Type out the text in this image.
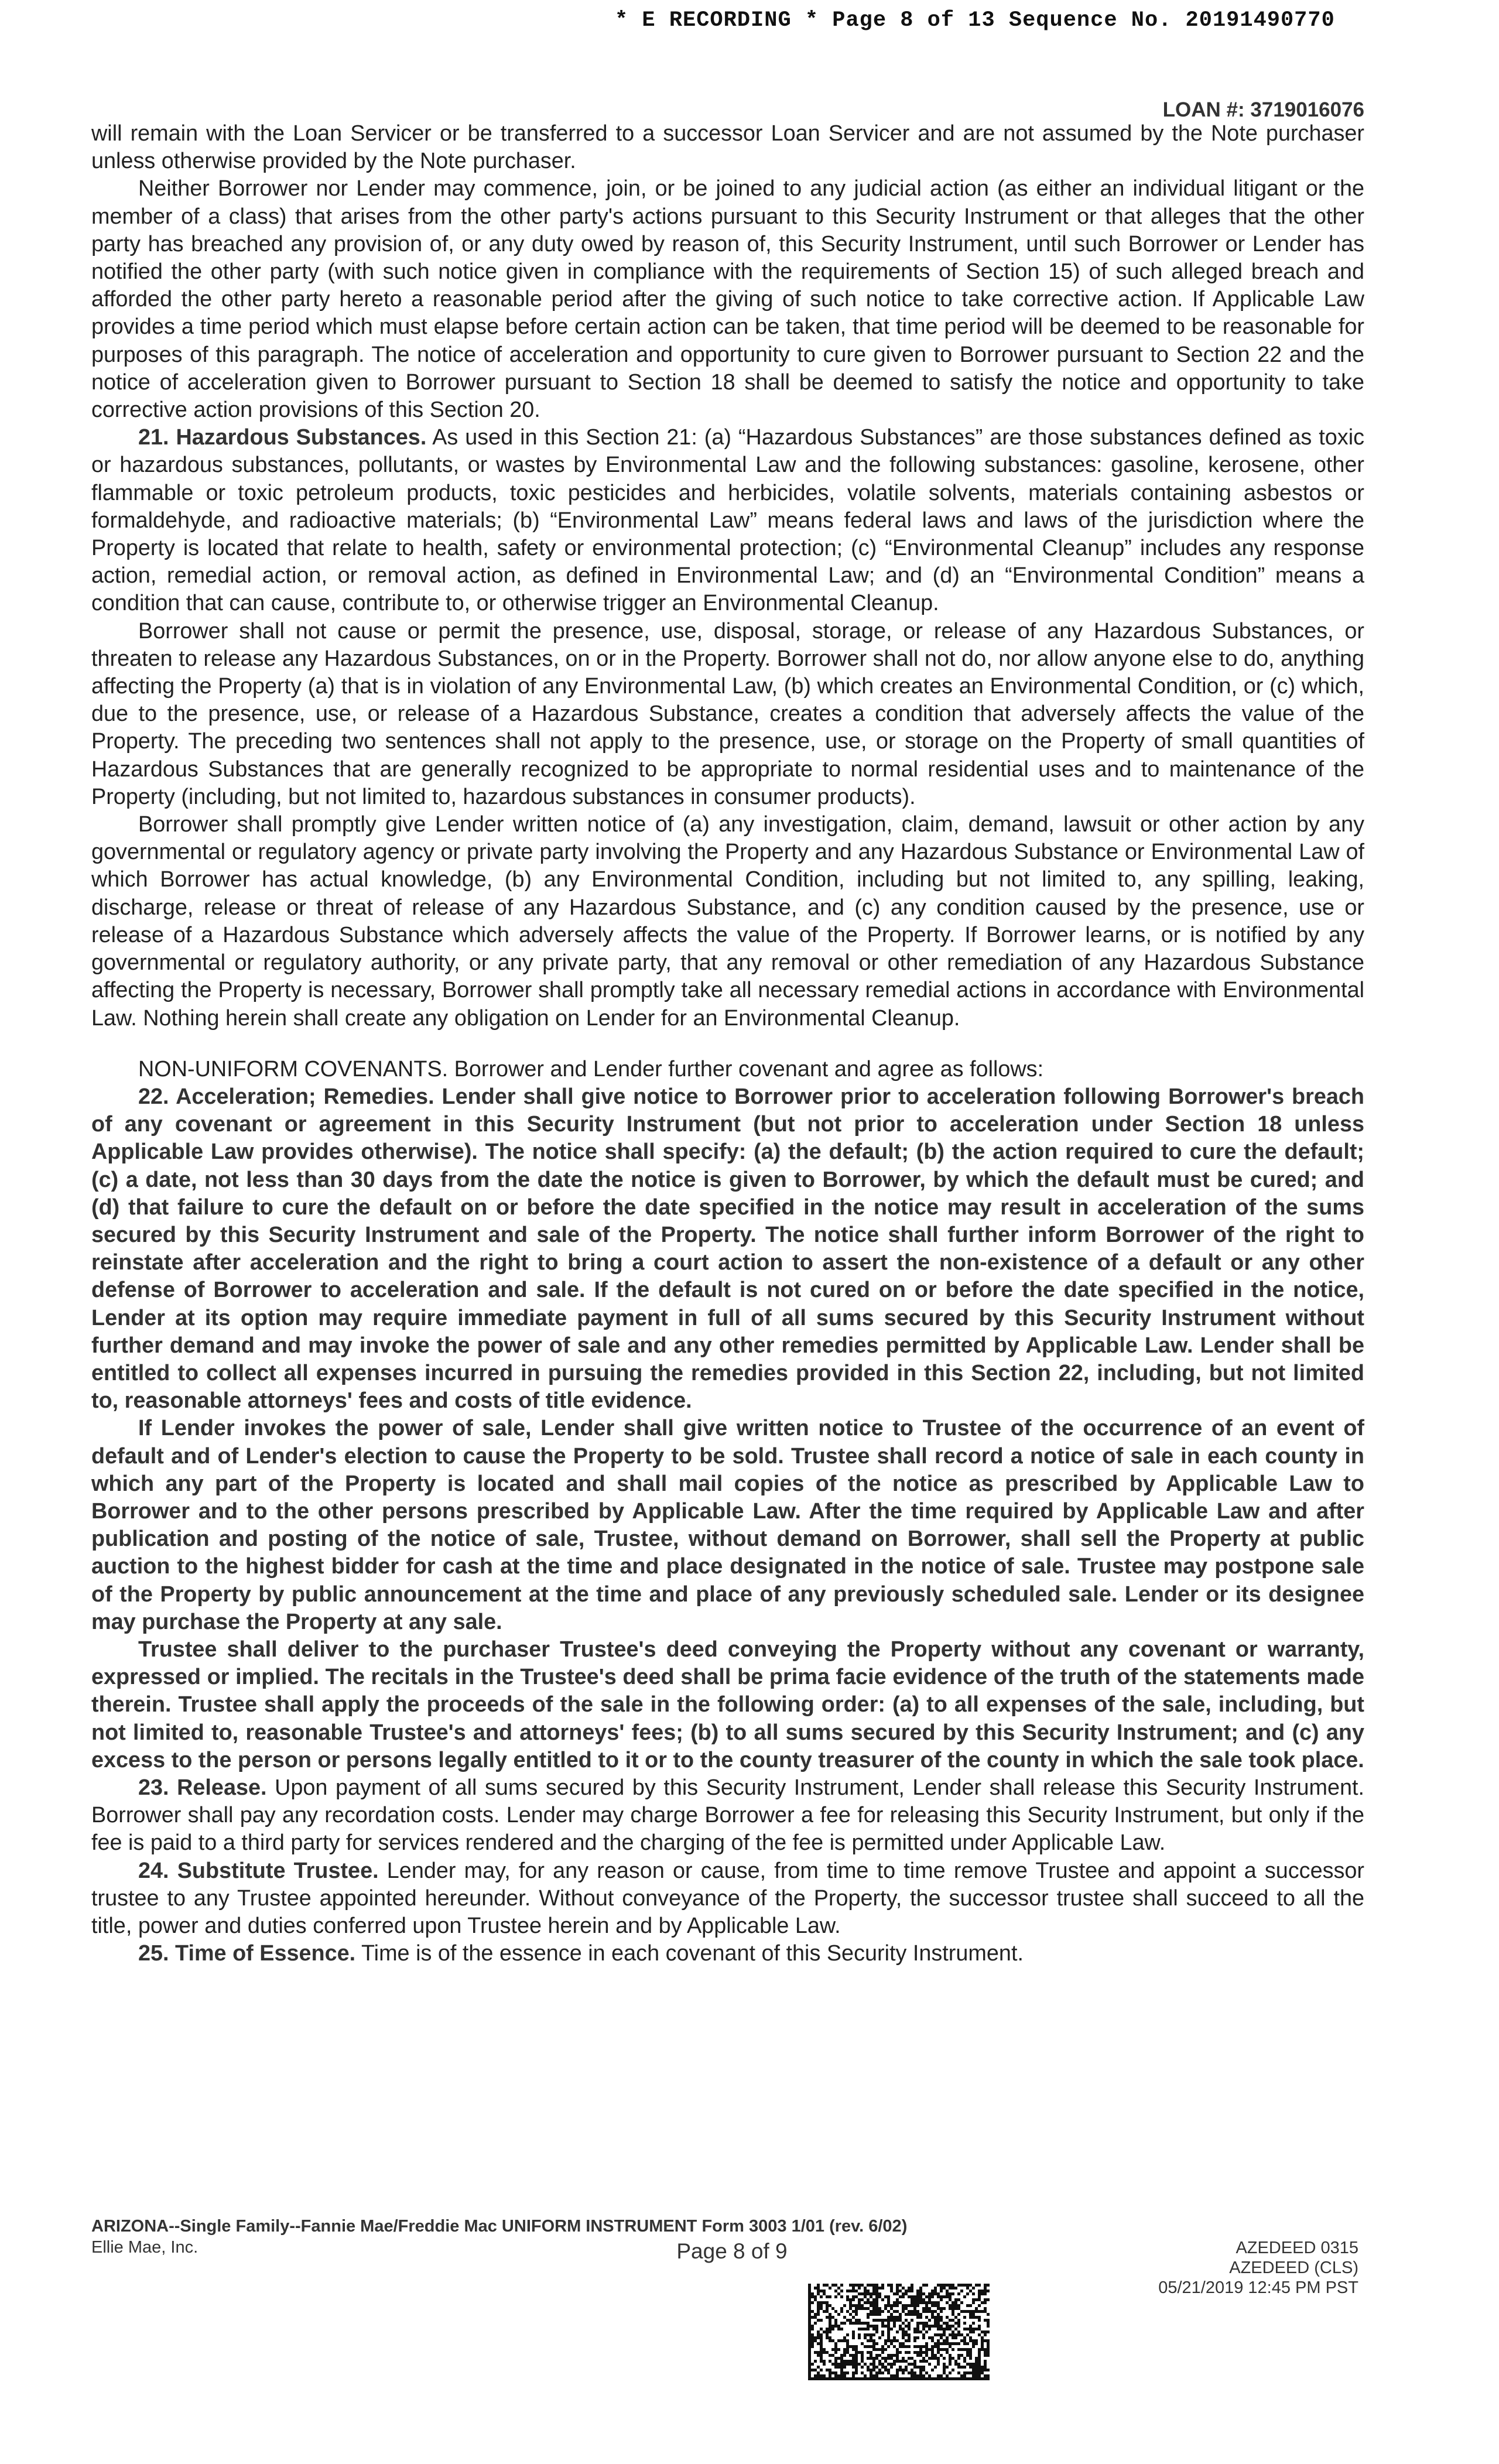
* E RECORDING * Page 8 of 13 Sequence No. 20191490770
LOAN #: 3719016076

will remain with the Loan Servicer or be transferred to a successor Loan Servicer and are not assumed by the Note purchaser unless otherwise provided by the Note purchaser.

Neither Borrower nor Lender may commence, join, or be joined to any judicial action (as either an individual litigant or the member of a class) that arises from the other party's actions pursuant to this Security Instrument or that alleges that the other party has breached any provision of, or any duty owed by reason of, this Security Instrument, until such Borrower or Lender has notified the other party (with such notice given in compliance with the requirements of Section 15) of such alleged breach and afforded the other party hereto a reasonable period after the giving of such notice to take corrective action. If Applicable Law provides a time period which must elapse before certain action can be taken, that time period will be deemed to be reasonable for purposes of this paragraph. The notice of acceleration and opportunity to cure given to Borrower pursuant to Section 22 and the notice of acceleration given to Borrower pursuant to Section 18 shall be deemed to satisfy the notice and opportunity to take corrective action provisions of this Section 20.

21. Hazardous Substances. As used in this Section 21: (a) “Hazardous Substances” are those substances defined as toxic or hazardous substances, pollutants, or wastes by Environmental Law and the following substances: gasoline, kerosene, other flammable or toxic petroleum products, toxic pesticides and herbicides, volatile solvents, materials containing asbestos or formaldehyde, and radioactive materials; (b) “Environmental Law” means federal laws and laws of the jurisdiction where the Property is located that relate to health, safety or environmental protection; (c) “Environmental Cleanup” includes any response action, remedial action, or removal action, as defined in Environmental Law; and (d) an “Environmental Condition” means a condition that can cause, contribute to, or otherwise trigger an Environmental Cleanup.

Borrower shall not cause or permit the presence, use, disposal, storage, or release of any Hazardous Substances, or threaten to release any Hazardous Substances, on or in the Property. Borrower shall not do, nor allow anyone else to do, anything affecting the Property (a) that is in violation of any Environmental Law, (b) which creates an Environmental Condition, or (c) which, due to the presence, use, or release of a Hazardous Substance, creates a condition that adversely affects the value of the Property. The preceding two sentences shall not apply to the presence, use, or storage on the Property of small quantities of Hazardous Substances that are generally recognized to be appropriate to normal residential uses and to maintenance of the Property (including, but not limited to, hazardous substances in consumer products).

Borrower shall promptly give Lender written notice of (a) any investigation, claim, demand, lawsuit or other action by any governmental or regulatory agency or private party involving the Property and any Hazardous Substance or Environmental Law of which Borrower has actual knowledge, (b) any Environmental Condition, including but not limited to, any spilling, leaking, discharge, release or threat of release of any Hazardous Substance, and (c) any condition caused by the presence, use or release of a Hazardous Substance which adversely affects the value of the Property. If Borrower learns, or is notified by any governmental or regulatory authority, or any private party, that any removal or other remediation of any Hazardous Substance affecting the Property is necessary, Borrower shall promptly take all necessary remedial actions in accordance with Environmental Law. Nothing herein shall create any obligation on Lender for an Environmental Cleanup.

NON-UNIFORM COVENANTS. Borrower and Lender further covenant and agree as follows:

22. Acceleration; Remedies. Lender shall give notice to Borrower prior to acceleration following Borrower's breach of any covenant or agreement in this Security Instrument (but not prior to acceleration under Section 18 unless Applicable Law provides otherwise). The notice shall specify: (a) the default; (b) the action required to cure the default; (c) a date, not less than 30 days from the date the notice is given to Borrower, by which the default must be cured; and (d) that failure to cure the default on or before the date specified in the notice may result in acceleration of the sums secured by this Security Instrument and sale of the Property. The notice shall further inform Borrower of the right to reinstate after acceleration and the right to bring a court action to assert the non-existence of a default or any other defense of Borrower to acceleration and sale. If the default is not cured on or before the date specified in the notice, Lender at its option may require immediate payment in full of all sums secured by this Security Instrument without further demand and may invoke the power of sale and any other remedies permitted by Applicable Law. Lender shall be entitled to collect all expenses incurred in pursuing the remedies provided in this Section 22, including, but not limited to, reasonable attorneys' fees and costs of title evidence.

If Lender invokes the power of sale, Lender shall give written notice to Trustee of the occurrence of an event of default and of Lender's election to cause the Property to be sold. Trustee shall record a notice of sale in each county in which any part of the Property is located and shall mail copies of the notice as prescribed by Applicable Law to Borrower and to the other persons prescribed by Applicable Law. After the time required by Applicable Law and after publication and posting of the notice of sale, Trustee, without demand on Borrower, shall sell the Property at public auction to the highest bidder for cash at the time and place designated in the notice of sale. Trustee may postpone sale of the Property by public announcement at the time and place of any previously scheduled sale. Lender or its designee may purchase the Property at any sale.

Trustee shall deliver to the purchaser Trustee's deed conveying the Property without any covenant or warranty, expressed or implied. The recitals in the Trustee's deed shall be prima facie evidence of the truth of the statements made therein. Trustee shall apply the proceeds of the sale in the following order: (a) to all expenses of the sale, including, but not limited to, reasonable Trustee's and attorneys' fees; (b) to all sums secured by this Security Instrument; and (c) any excess to the person or persons legally entitled to it or to the county treasurer of the county in which the sale took place.

23. Release. Upon payment of all sums secured by this Security Instrument, Lender shall release this Security Instrument. Borrower shall pay any recordation costs. Lender may charge Borrower a fee for releasing this Security Instrument, but only if the fee is paid to a third party for services rendered and the charging of the fee is permitted under Applicable Law.

24. Substitute Trustee. Lender may, for any reason or cause, from time to time remove Trustee and appoint a successor trustee to any Trustee appointed hereunder. Without conveyance of the Property, the successor trustee shall succeed to all the title, power and duties conferred upon Trustee herein and by Applicable Law.

25. Time of Essence. Time is of the essence in each covenant of this Security Instrument.

ARIZONA--Single Family--Fannie Mae/Freddie Mac UNIFORM INSTRUMENT Form 3003 1/01 (rev. 6/02)
Ellie Mae, Inc.	Page 8 of 9	AZEDEED 0315
AZEDEED (CLS)
05/21/2019 12:45 PM PST
